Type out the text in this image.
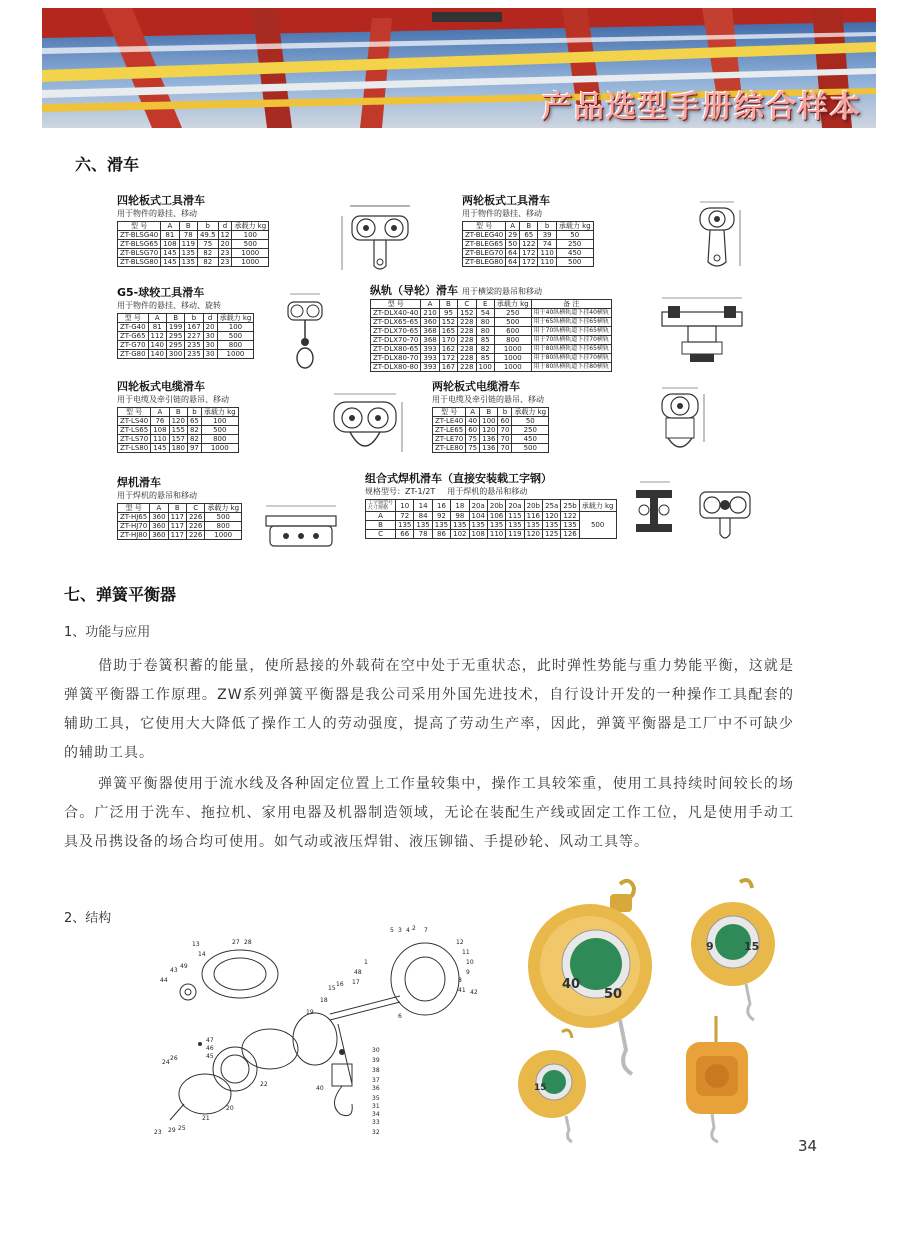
产品选型手册综合样本
六、滑车
四轮板式工具滑车
用于物件的悬挂、移动
型 号	A	B	b	d	承载力 kg
ZT-BLSG40	81	78	49.5	12	100
ZT-BLSG65	108	119	75	20	500
ZT-BLSG70	145	135	82	23	1000
ZT-BLSG80	145	135	82	23	1000
两轮板式工具滑车
用于物件的悬挂、移动
型 号	A	B	b	承载力 kg
ZT-BLEG40	29	65	39	50
ZT-BLEG65	50	122	74	250
ZT-BLEG70	64	172	110	450
ZT-BLEG80	64	172	110	500
G5-球较工具滑车
用于物件的悬挂、移动、旋转
型 号	A	B	b	d	承载力 kg
ZT-G40	81	199	167	20	100
ZT-G65	112	295	227	30	500
ZT-G70	140	295	235	30	800
ZT-G80	140	300	235	30	1000
纵轨（导轮）滑车 用于横梁的悬吊和移动
型 号	A	B	C	E	承载力 kg	备 注
ZT-DLX40-40	210	95	152	54	250	用于40纵横轨道下挂40横轨
ZT-DLX65-65	360	152	228	80	500	用于65纵横轨道下挂65横轨
ZT-DLX70-65	368	165	228	80	600	用于70纵横轨道下挂65横轨
ZT-DLX70-70	368	170	228	85	800	用于70纵横轨道下挂70横轨
ZT-DLX80-65	393	162	228	82	1000	用于80纵横轨道下挂65横轨
ZT-DLX80-70	393	172	228	85	1000	用于80纵横轨道下挂70横轨
ZT-DLX80-80	393	167	228	100	1000	用于80纵横轨道下挂80横轨
四轮板式电缆滑车
用于电缆及牵引链的悬吊、移动
型 号	A	B	b	承载力 kg
ZT-LS40	76	120	65	100
ZT-LS65	108	155	82	500
ZT-LS70	110	157	82	800
ZT-LS80	145	180	97	1000
两轮板式电缆滑车
用于电缆及牵引链的悬吊、移动
型 号	A	B	b	承载力 kg
ZT-LE40	40	100	60	50
ZT-LE65	60	120	70	250
ZT-LE70	75	136	70	450
ZT-LE80	75	136	70	500
焊机滑车
用于焊机的悬吊和移动
型 号	A	B	C	承载力 kg
ZT-HJ65	360	117	226	500
ZT-HJ70	360	117	226	800
ZT-HJ80	360	117	226	1000
组合式焊机滑车（直接安装载工字钢）
规格型号：ZT-1/2T 用于焊机的悬吊和移动
工字钢型号
尺寸规格	10	14	16	18	20a	20b	20a	20b	25a	25b	承载力 kg
A	72	84	92	98	104	106	115	116	120	122	500
B	135	135	135	135	135	135	135	135	135	135	
C	66	78	86	102	108	110	119	120	125	126	
七、弹簧平衡器
1、功能与应用
借助于卷簧积蓄的能量，使所悬接的外载荷在空中处于无重状态，此时弹性势能与重力势能平衡，这就是弹簧平衡器工作原理。ZW系列弹簧平衡器是我公司采用外国先进技术，自行设计开发的一种操作工具配套的辅助工具，它使用大大降低了操作工人的劳动强度，提高了劳动生产率，因此，弹簧平衡器是工厂中不可缺少的辅助工具。
弹簧平衡器使用于流水线及各种固定位置上工作量较集中，操作工具较笨重，使用工具持续时间较长的场合。广泛用于洗车、拖拉机、家用电器及机器制造领域，无论在装配生产线或固定工作工位，凡是使用手动工具及吊携设备的场合均可使用。如气动或液压焊钳、液压铆锚、手提砂轮、风动工具等。
2、结构
13	27 28
14
43
49
44
5 3 4 2 7
12
11
10
1
48
17
16
15
9
8
41 42
18
19
6
47
46
45
24
26
23 29 25
21
20
22
30
39
38
37
36
35
40
31
34
33
32
40
50
9	15
15
34
